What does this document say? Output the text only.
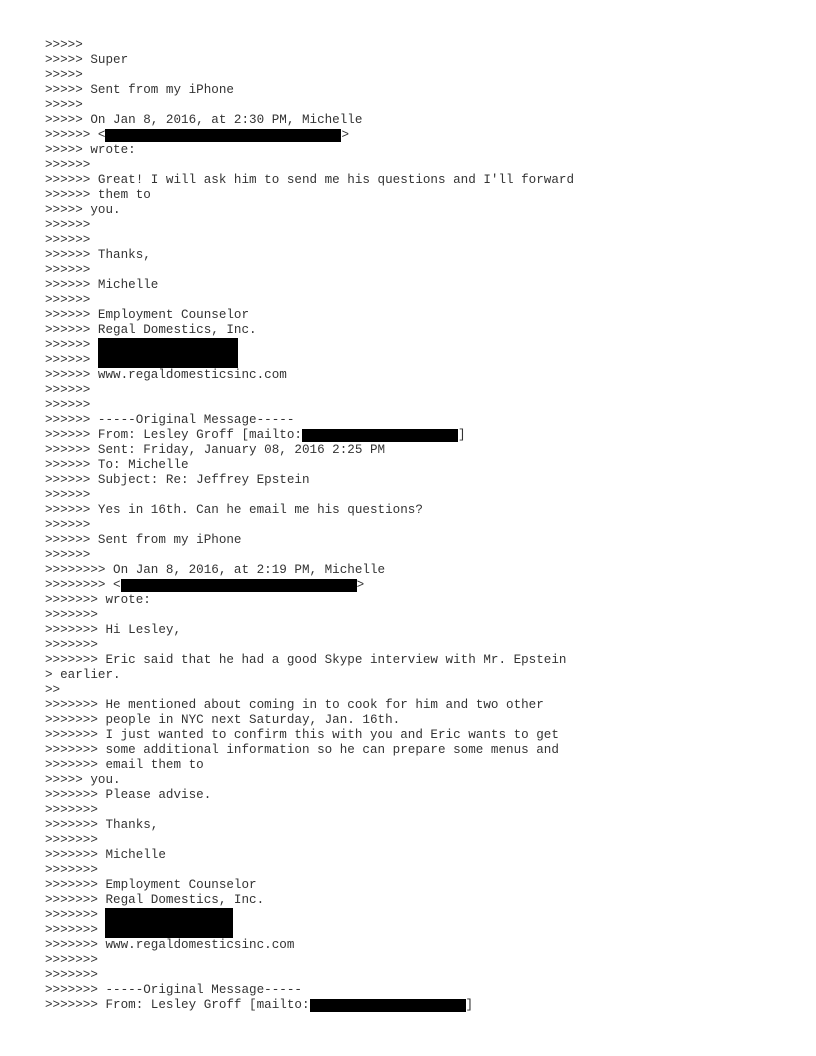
>>>>>
>>>>> Super
>>>>>
>>>>> Sent from my iPhone
>>>>>
>>>>> On Jan 8, 2016, at 2:30 PM, Michelle
>>>>>> <	>
>>>>> wrote:
>>>>>>
>>>>>> Great! I will ask him to send me his questions and I'll forward
>>>>>> them to
>>>>> you.
>>>>>>
>>>>>>
>>>>>> Thanks,
>>>>>>
>>>>>> Michelle
>>>>>>
>>>>>> Employment Counselor
>>>>>> Regal Domestics, Inc.
>>>>>>
>>>>>>
>>>>>> www.regaldomesticsinc.com
>>>>>>
>>>>>>
>>>>>> -----Original Message-----
>>>>>> From: Lesley Groff [mailto:	]
>>>>>> Sent: Friday, January 08, 2016 2:25 PM
>>>>>> To: Michelle
>>>>>> Subject: Re: Jeffrey Epstein
>>>>>>
>>>>>> Yes in 16th. Can he email me his questions?
>>>>>>
>>>>>> Sent from my iPhone
>>>>>>
>>>>>>>> On Jan 8, 2016, at 2:19 PM, Michelle
>>>>>>>> <	>
>>>>>>> wrote:
>>>>>>>
>>>>>>> Hi Lesley,
>>>>>>>
>>>>>>> Eric said that he had a good Skype interview with Mr. Epstein
> earlier.
>>
>>>>>>> He mentioned about coming in to cook for him and two other
>>>>>>> people in NYC next Saturday, Jan. 16th.
>>>>>>> I just wanted to confirm this with you and Eric wants to get
>>>>>>> some additional information so he can prepare some menus and
>>>>>>> email them to
>>>>> you.
>>>>>>> Please advise.
>>>>>>>
>>>>>>> Thanks,
>>>>>>>
>>>>>>> Michelle
>>>>>>>
>>>>>>> Employment Counselor
>>>>>>> Regal Domestics, Inc.
>>>>>>>
>>>>>>>
>>>>>>> www.regaldomesticsinc.com
>>>>>>>
>>>>>>>
>>>>>>> -----Original Message-----
>>>>>>> From: Lesley Groff [mailto:	]
